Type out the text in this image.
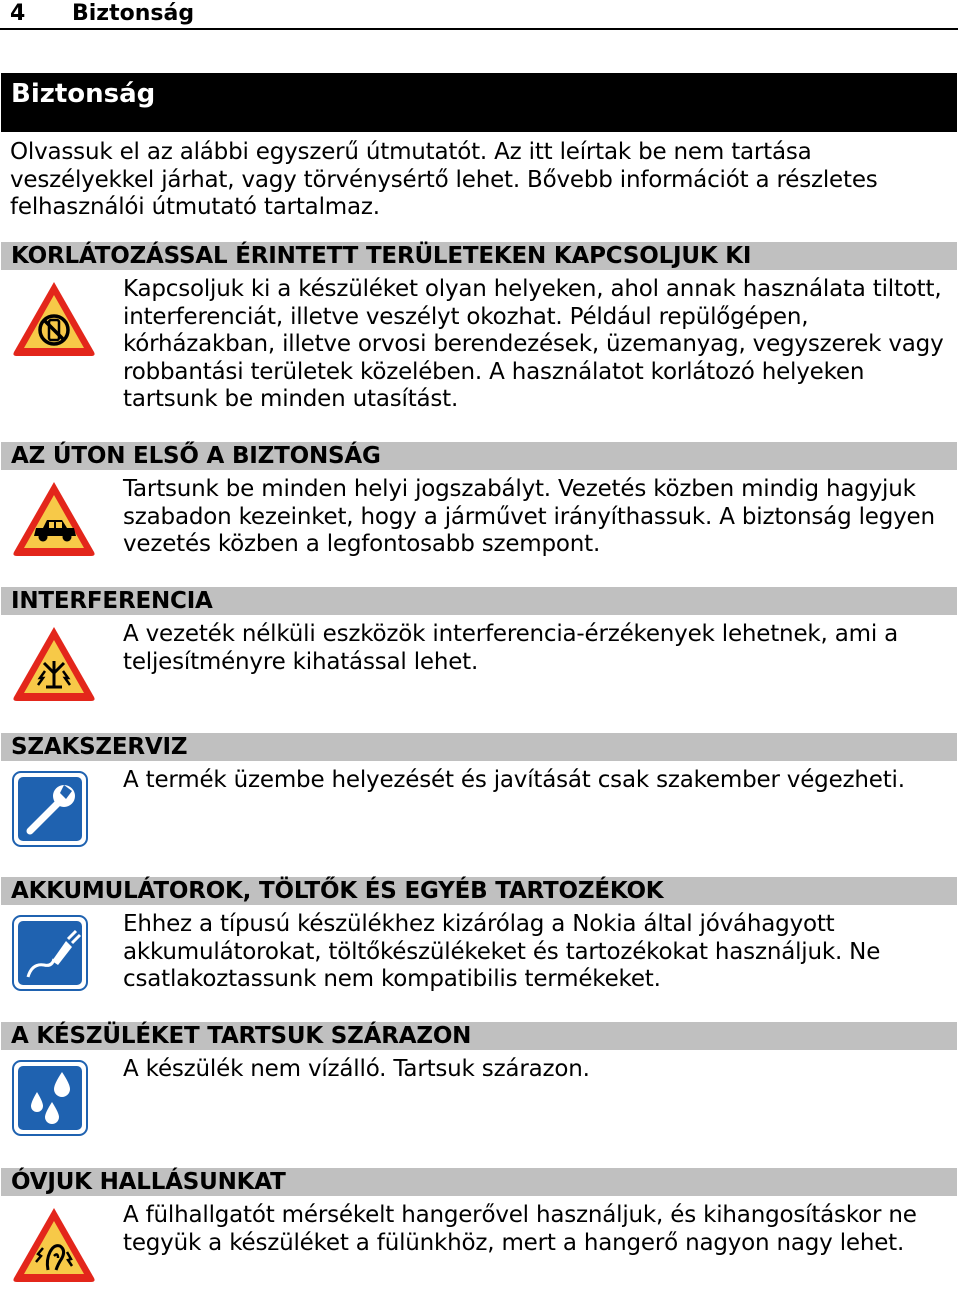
4 Biztonság
Biztonság
Olvassuk el az alábbi egyszerű útmutatót. Az itt leírtak be nem tartása veszélyekkel járhat, vagy törvénysértő lehet. Bővebb információt a részletes felhasználói útmutató tartalmaz.
KORLÁTOZÁSSAL ÉRINTETT TERÜLETEKEN KAPCSOLJUK KI
Kapcsoljuk ki a készüléket olyan helyeken, ahol annak használata tiltott, interferenciát, illetve veszélyt okozhat. Például repülőgépen, kórházakban, illetve orvosi berendezések, üzemanyag, vegyszerek vagy robbantási területek közelében. A használatot korlátozó helyeken tartsunk be minden utasítást.
AZ ÚTON ELSŐ A BIZTONSÁG
Tartsunk be minden helyi jogszabályt. Vezetés közben mindig hagyjuk szabadon kezeinket, hogy a járművet irányíthassuk. A biztonság legyen vezetés közben a legfontosabb szempont.
INTERFERENCIA
A vezeték nélküli eszközök interferencia-érzékenyek lehetnek, ami a teljesítményre kihatással lehet.
SZAKSZERVIZ
A termék üzembe helyezését és javítását csak szakember végezheti.
AKKUMULÁTOROK, TÖLTŐK ÉS EGYÉB TARTOZÉKOK
Ehhez a típusú készülékhez kizárólag a Nokia által jóváhagyott akkumulátorokat, töltőkészülékeket és tartozékokat használjuk. Ne csatlakoztassunk nem kompatibilis termékeket.
A KÉSZÜLÉKET TARTSUK SZÁRAZON
A készülék nem vízálló. Tartsuk szárazon.
ÓVJUK HALLÁSUNKAT
A fülhallgatót mérsékelt hangerővel használjuk, és kihangosításkor ne tegyük a készüléket a fülünkhöz, mert a hangerő nagyon nagy lehet.
